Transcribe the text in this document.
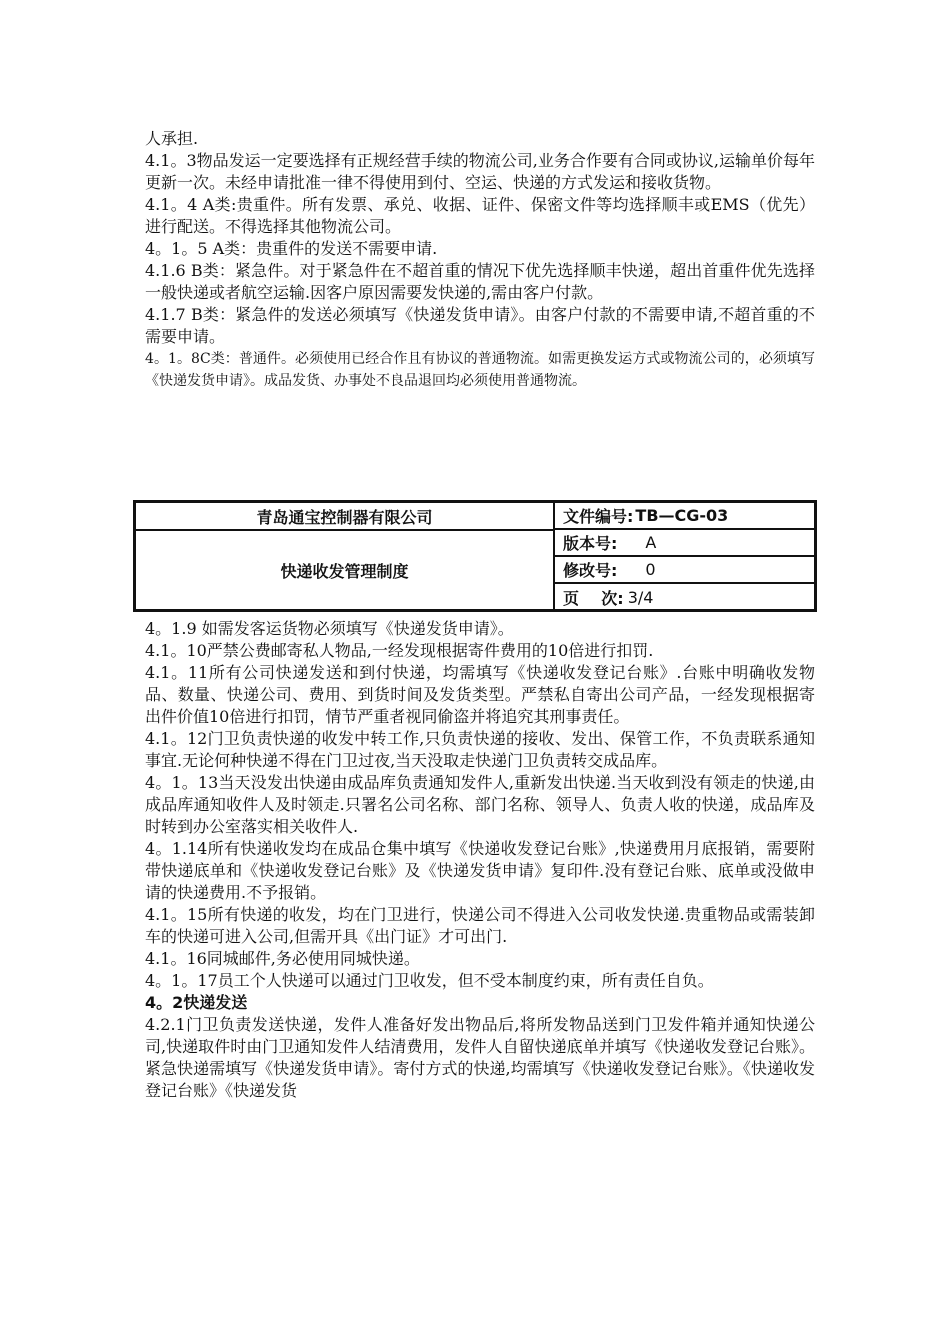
人承担.

4.1。3物品发运一定要选择有正规经营手续的物流公司,业务合作要有合同或协议,运输单价每年更新一次。未经申请批准一律不得使用到付、空运、快递的方式发运和接收货物。

4.1。4 A类:贵重件。所有发票、承兑、收据、证件、保密文件等均选择顺丰或EMS（优先）进行配送。不得选择其他物流公司。

4。1。5 A类：贵重件的发送不需要申请.

4.1.6 B类：紧急件。对于紧急件在不超首重的情况下优先选择顺丰快递，超出首重件优先选择一般快递或者航空运输.因客户原因需要发快递的,需由客户付款。

4.1.7 B类：紧急件的发送必须填写《快递发货申请》。由客户付款的不需要申请,不超首重的不需要申请。

4。1。8C类：普通件。必须使用已经合作且有协议的普通物流。如需更换发运方式或物流公司的，必须填写《快递发货申请》。成品发货、办事处不良品退回均必须使用普通物流。

青岛通宝控制器有限公司
快递收发管理制度
文件编号: TB—CG-03
版本号: A
修改号: 0
页    次: 3/4

4。1.9 如需发客运货物必须填写《快递发货申请》。

4.1。10严禁公费邮寄私人物品,一经发现根据寄件费用的10倍进行扣罚.

4.1。11所有公司快递发送和到付快递，均需填写《快递收发登记台账》.台账中明确收发物品、数量、快递公司、费用、到货时间及发货类型。严禁私自寄出公司产品，一经发现根据寄出件价值10倍进行扣罚，情节严重者视同偷盗并将追究其刑事责任。

4.1。12门卫负责快递的收发中转工作,只负责快递的接收、发出、保管工作，不负责联系通知事宜.无论何种快递不得在门卫过夜,当天没取走快递门卫负责转交成品库。

4。1。13当天没发出快递由成品库负责通知发件人,重新发出快递.当天收到没有领走的快递,由成品库通知收件人及时领走.只署名公司名称、部门名称、领导人、负责人收的快递，成品库及时转到办公室落实相关收件人.

4。1.14所有快递收发均在成品仓集中填写《快递收发登记台账》,快递费用月底报销，需要附带快递底单和《快递收发登记台账》及《快递发货申请》复印件.没有登记台账、底单或没做申请的快递费用.不予报销。

4.1。15所有快递的收发，均在门卫进行，快递公司不得进入公司收发快递.贵重物品或需装卸车的快递可进入公司,但需开具《出门证》才可出门.

4.1。16同城邮件,务必使用同城快递。

4。1。17员工个人快递可以通过门卫收发，但不受本制度约束，所有责任自负。

4。2快递发送

4.2.1门卫负责发送快递，发件人准备好发出物品后,将所发物品送到门卫发件箱并通知快递公司,快递取件时由门卫通知发件人结清费用，发件人自留快递底单并填写《快递收发登记台账》。紧急快递需填写《快递发货申请》。寄付方式的快递,均需填写《快递收发登记台账》。《快递收发登记台账》《快递发货
